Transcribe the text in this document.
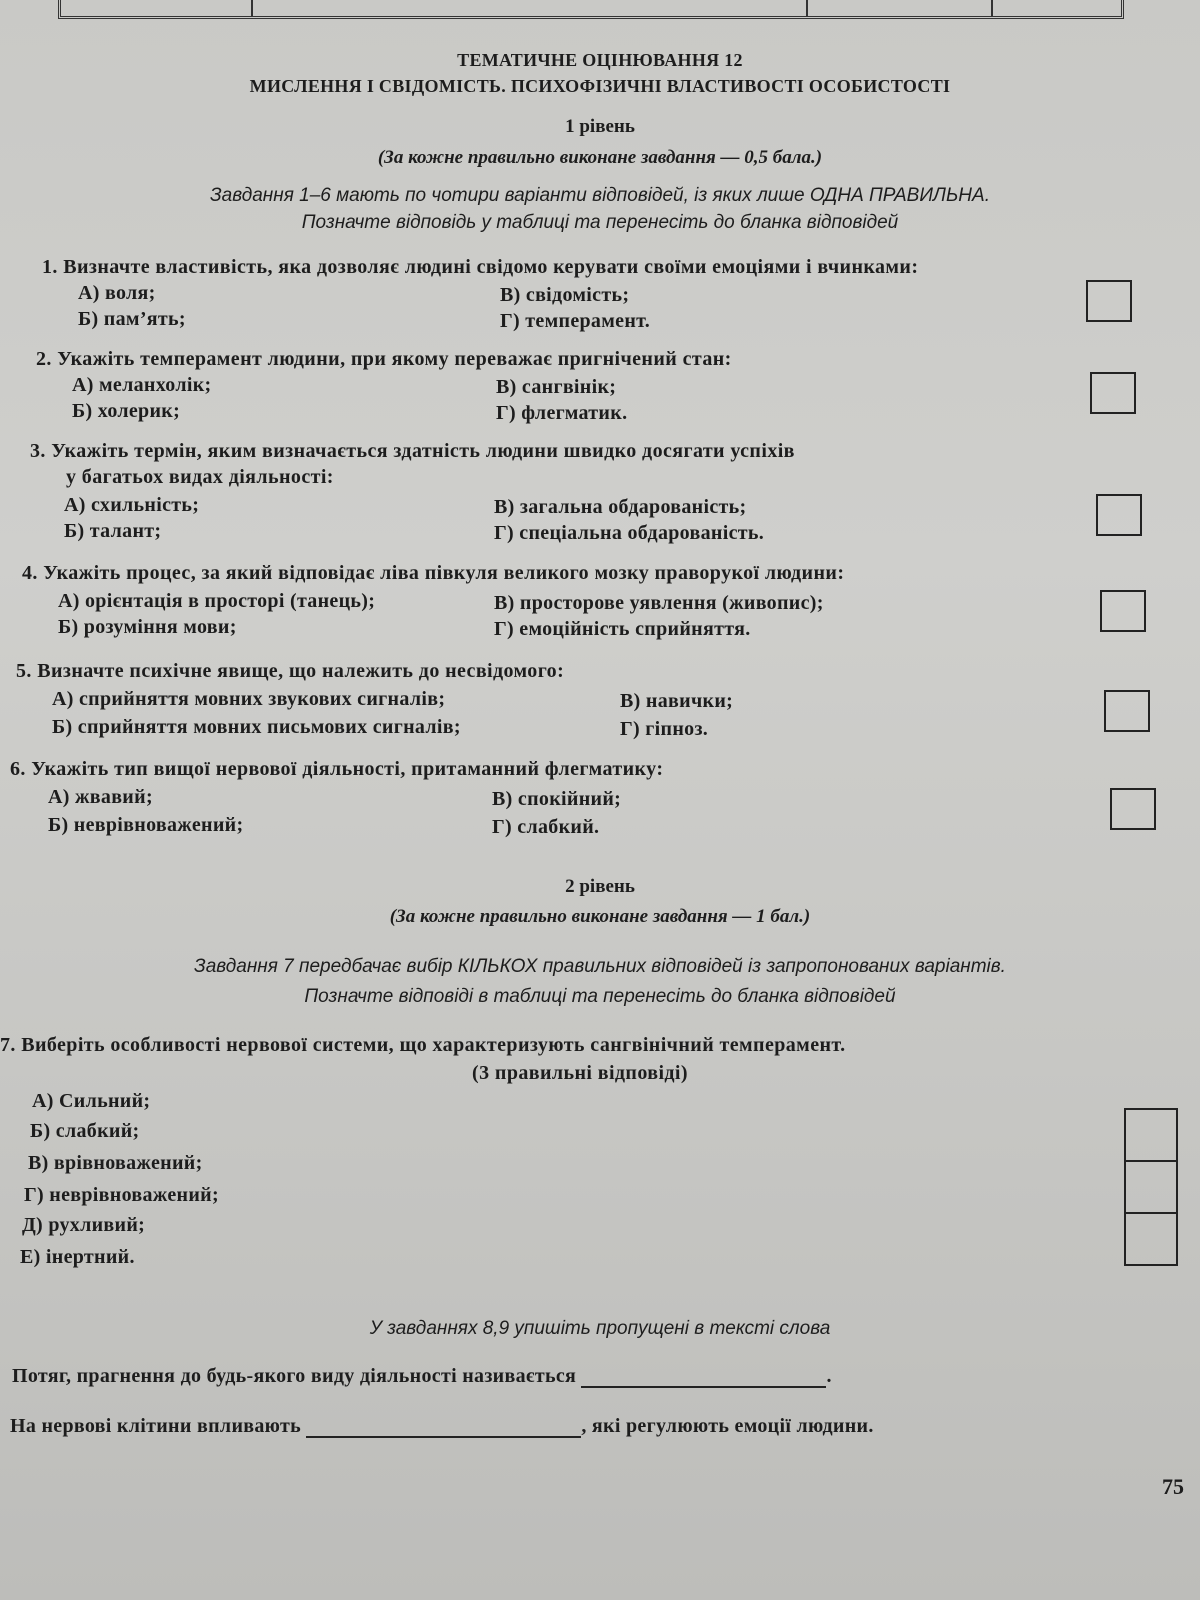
ТЕМАТИЧНЕ ОЦІНЮВАННЯ 12
МИСЛЕННЯ І СВІДОМІСТЬ. ПСИХОФІЗИЧНІ ВЛАСТИВОСТІ ОСОБИСТОСТІ
1 рівень
(За кожне правильно виконане завдання — 0,5 бала.)
Завдання 1–6 мають по чотири варіанти відповідей, із яких лише ОДНА ПРАВИЛЬНА.
Позначте відповідь у таблиці та перенесіть до бланка відповідей
1. Визначте властивість, яка дозволяє людині свідомо керувати своїми емоціями і вчинками:
А) воля;
Б) пам’ять;
В) свідомість;
Г) темперамент.
2. Укажіть темперамент людини, при якому переважає пригнічений стан:
А) меланхолік;
Б) холерик;
В) сангвінік;
Г) флегматик.
3. Укажіть термін, яким визначається здатність людини швидко досягати успіхів
у багатьох видах діяльності:
А) схильність;
Б) талант;
В) загальна обдарованість;
Г) спеціальна обдарованість.
4. Укажіть процес, за який відповідає ліва півкуля великого мозку праворукої людини:
А) орієнтація в просторі (танець);
Б) розуміння мови;
В) просторове уявлення (живопис);
Г) емоційність сприйняття.
5. Визначте психічне явище, що належить до несвідомого:
А) сприйняття мовних звукових сигналів;
Б) сприйняття мовних письмових сигналів;
В) навички;
Г) гіпноз.
6. Укажіть тип вищої нервової діяльності, притаманний флегматику:
А) жвавий;
Б) неврівноважений;
В) спокійний;
Г) слабкий.
2 рівень
(За кожне правильно виконане завдання — 1 бал.)
Завдання 7 передбачає вибір КІЛЬКОХ правильних відповідей із запропонованих варіантів.
Позначте відповіді в таблиці та перенесіть до бланка відповідей
7. Виберіть особливості нервової системи, що характеризують сангвінічний темперамент.
(3 правильні відповіді)
А) Сильний;
Б) слабкий;
В) врівноважений;
Г) неврівноважений;
Д) рухливий;
Е) інертний.
У завданнях 8,9 упишіть пропущені в тексті слова
Потяг, прагнення до будь-якого виду діяльності називається	.
На нервові клітини впливають	, які регулюють емоції людини.
75
